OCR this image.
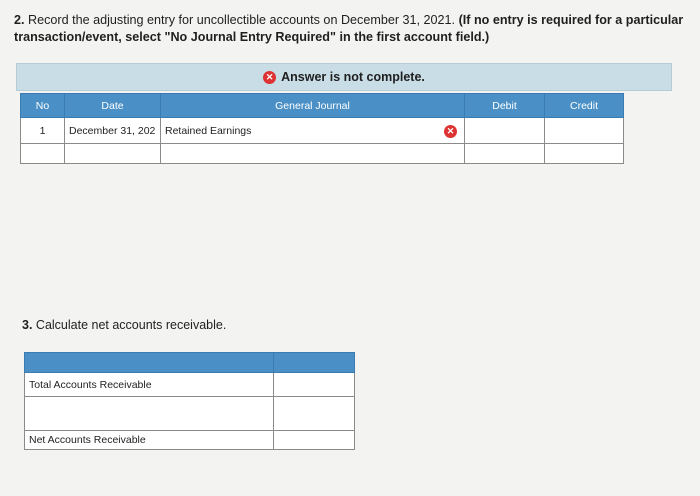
2. Record the adjusting entry for uncollectible accounts on December 31, 2021. (If no entry is required for a particular transaction/event, select "No Journal Entry Required" in the first account field.)
✕ Answer is not complete.
No	Date	General Journal	Debit	Credit
1	December 31, 202	Retained Earnings ✕		

3. Calculate net accounts receivable.

Total Accounts Receivable	

Net Accounts Receivable	
